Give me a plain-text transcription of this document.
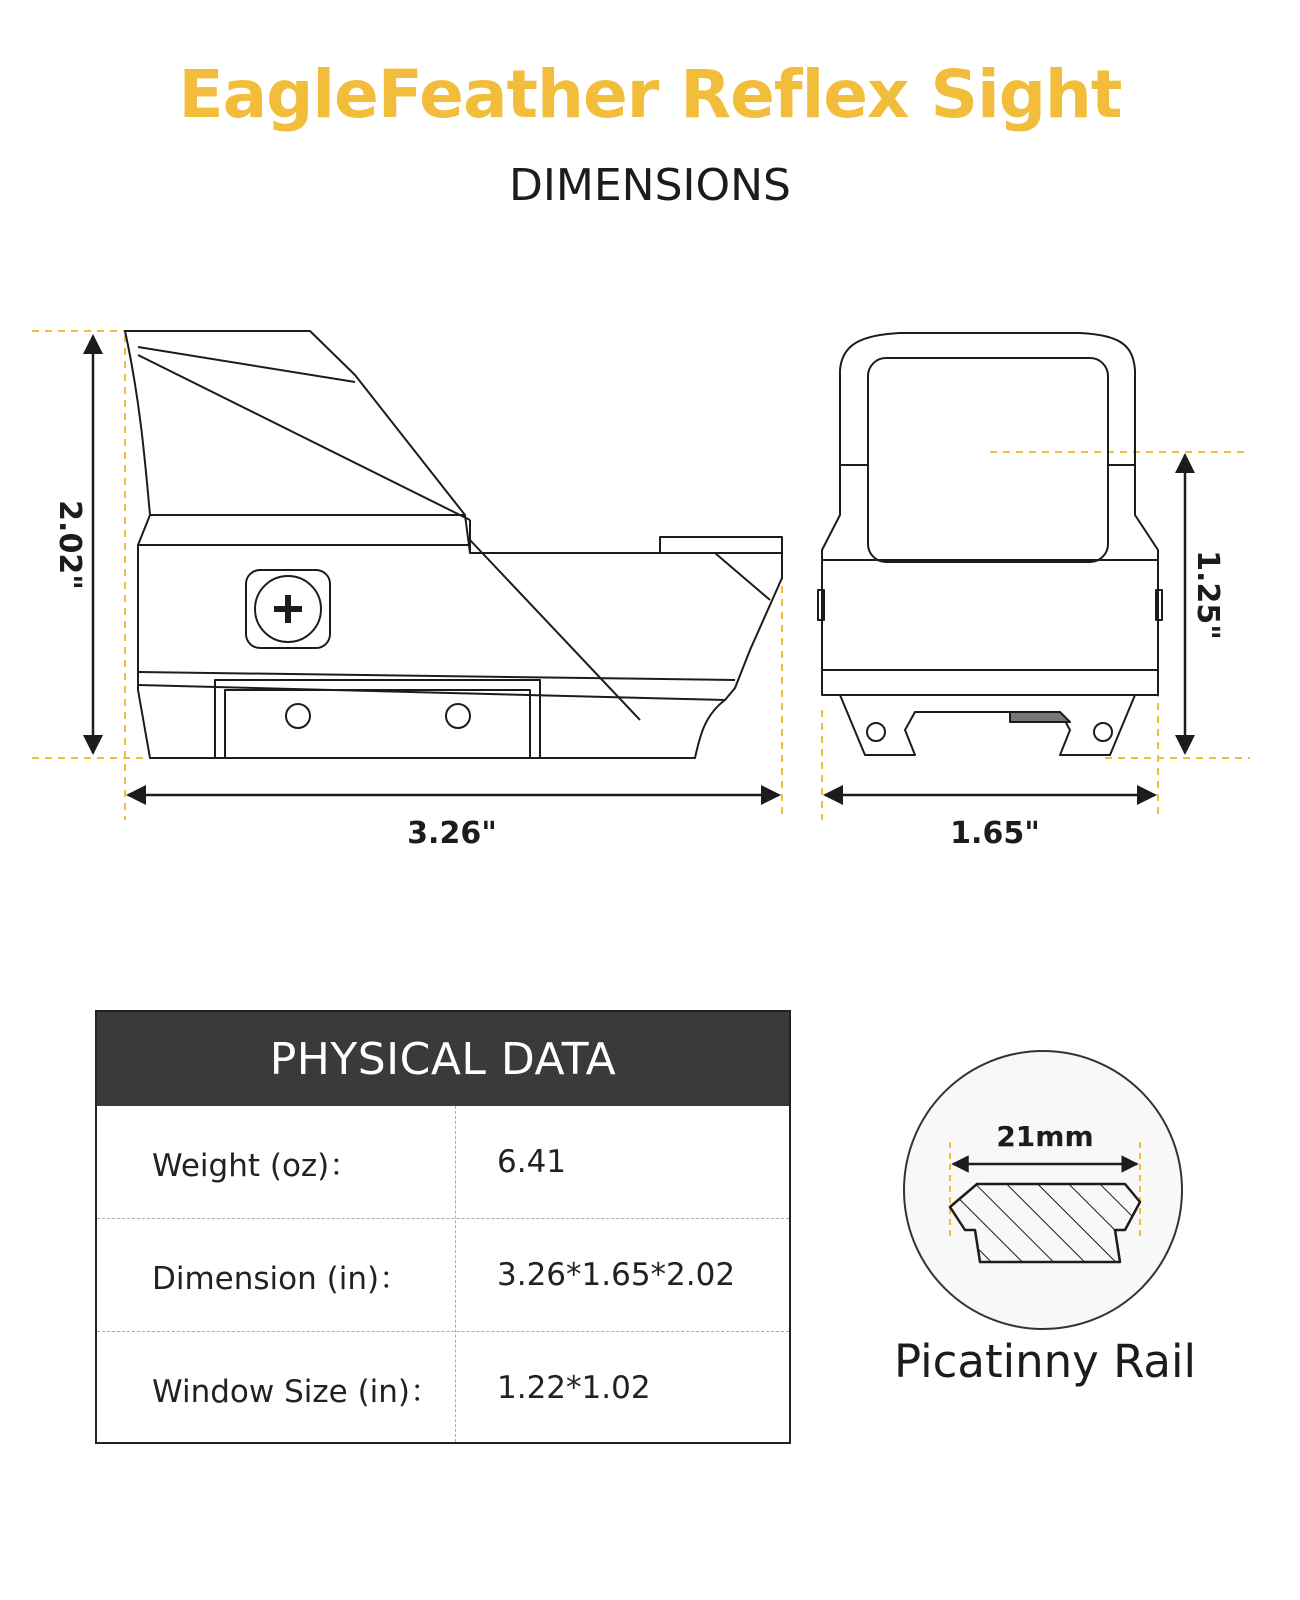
EagleFeather Reflex Sight
DIMENSIONS
2.02"
3.26"	1.65"
1.25"
PHYSICAL DATA
Weight (oz)：	6.41
Dimension (in)：	3.26*1.65*2.02
Window Size (in)：	1.22*1.02
21mm
Picatinny Rail
